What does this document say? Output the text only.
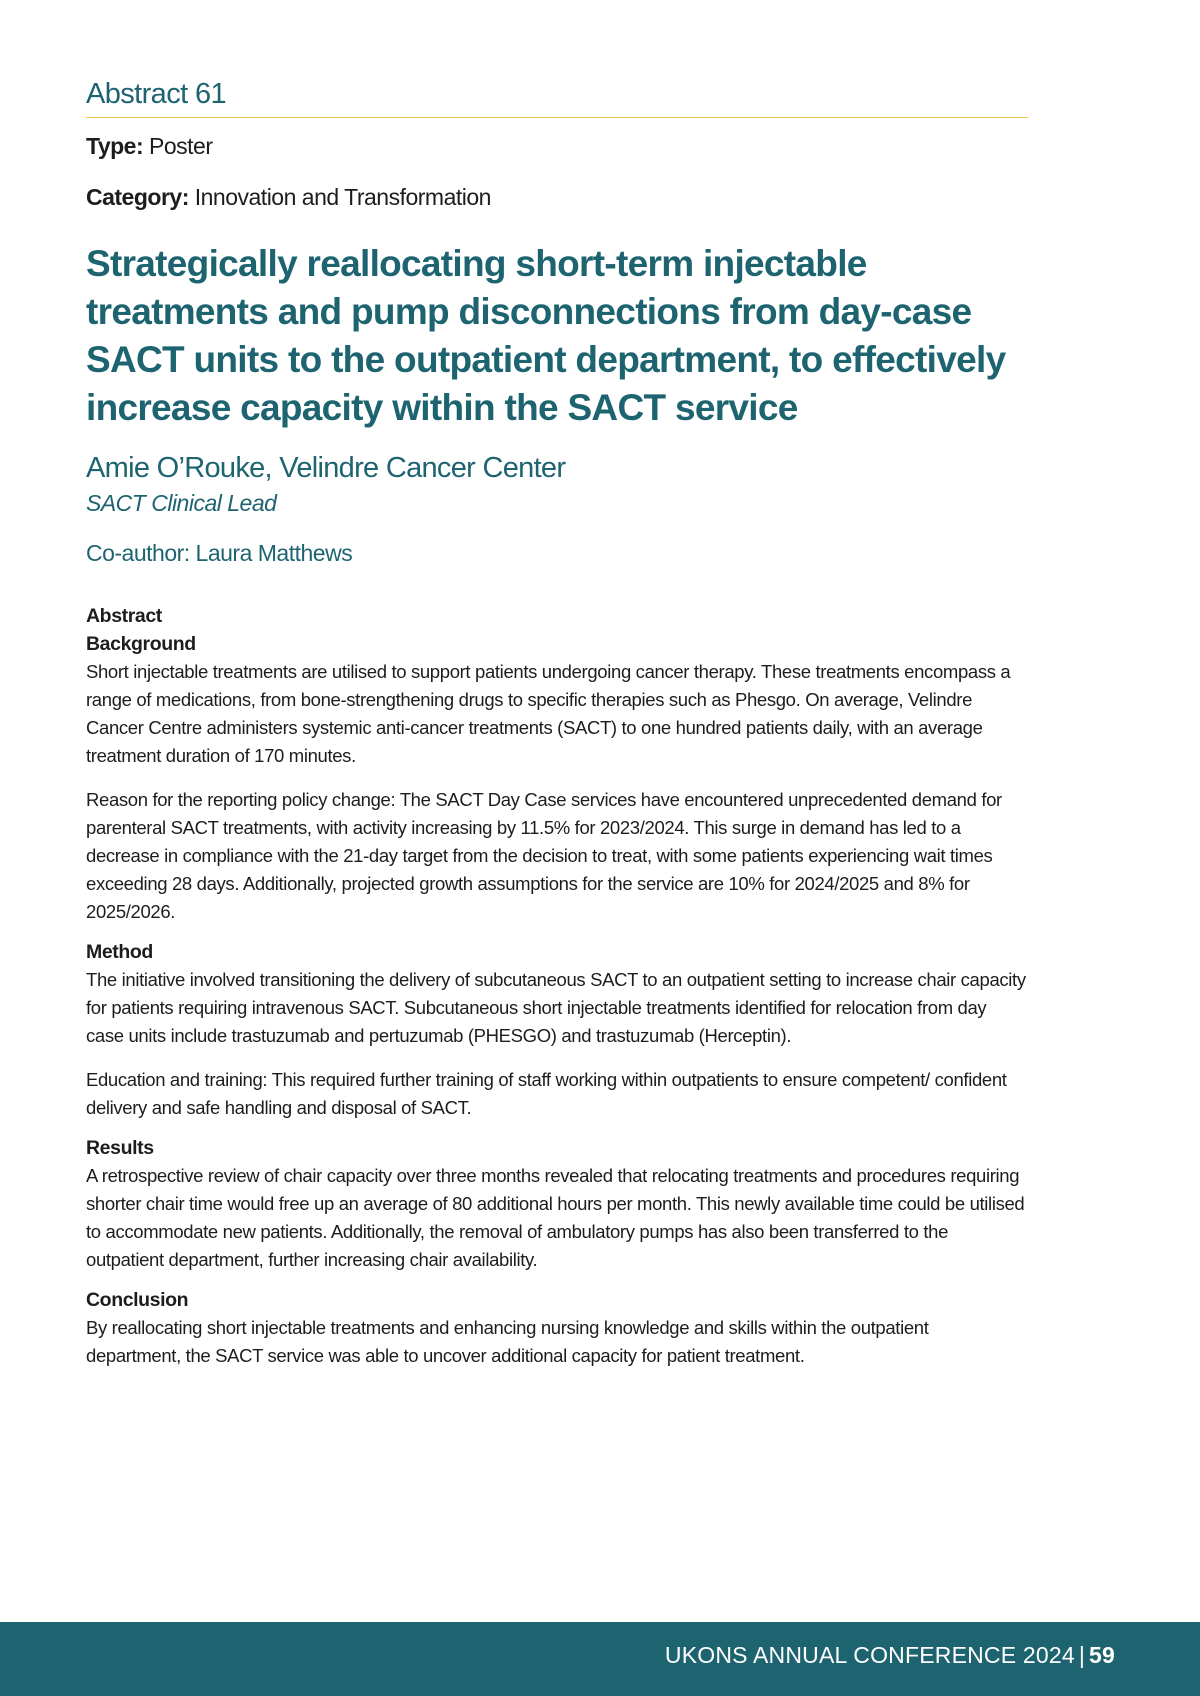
Abstract 61
Type: Poster
Category: Innovation and Transformation
Strategically reallocating short-term injectable treatments and pump disconnections from day-case SACT units to the outpatient department, to effectively increase capacity within the SACT service
Amie O’Rouke, Velindre Cancer Center
SACT Clinical Lead
Co-author: Laura Matthews
Abstract
Background

Short injectable treatments are utilised to support patients undergoing cancer therapy. These treatments encompass a range of medications, from bone-strengthening drugs to specific therapies such as Phesgo. On average, Velindre Cancer Centre administers systemic anti-cancer treatments (SACT) to one hundred patients daily, with an average treatment duration of 170 minutes.

Reason for the reporting policy change: The SACT Day Case services have encountered unprecedented demand for parenteral SACT treatments, with activity increasing by 11.5% for 2023/2024. This surge in demand has led to a decrease in compliance with the 21-day target from the decision to treat, with some patients experiencing wait times exceeding 28 days. Additionally, projected growth assumptions for the service are 10% for 2024/2025 and 8% for 2025/2026.

Method

The initiative involved transitioning the delivery of subcutaneous SACT to an outpatient setting to increase chair capacity for patients requiring intravenous SACT. Subcutaneous short injectable treatments identified for relocation from day case units include trastuzumab and pertuzumab (PHESGO) and trastuzumab (Herceptin).

Education and training: This required further training of staff working within outpatients to ensure competent/ confident delivery and safe handling and disposal of SACT.

Results

A retrospective review of chair capacity over three months revealed that relocating treatments and procedures requiring shorter chair time would free up an average of 80 additional hours per month. This newly available time could be utilised to accommodate new patients. Additionally, the removal of ambulatory pumps has also been transferred to the outpatient department, further increasing chair availability.

Conclusion

By reallocating short injectable treatments and enhancing nursing knowledge and skills within the outpatient department, the SACT service was able to uncover additional capacity for patient treatment.

UKONS ANNUAL CONFERENCE 2024 | 59
